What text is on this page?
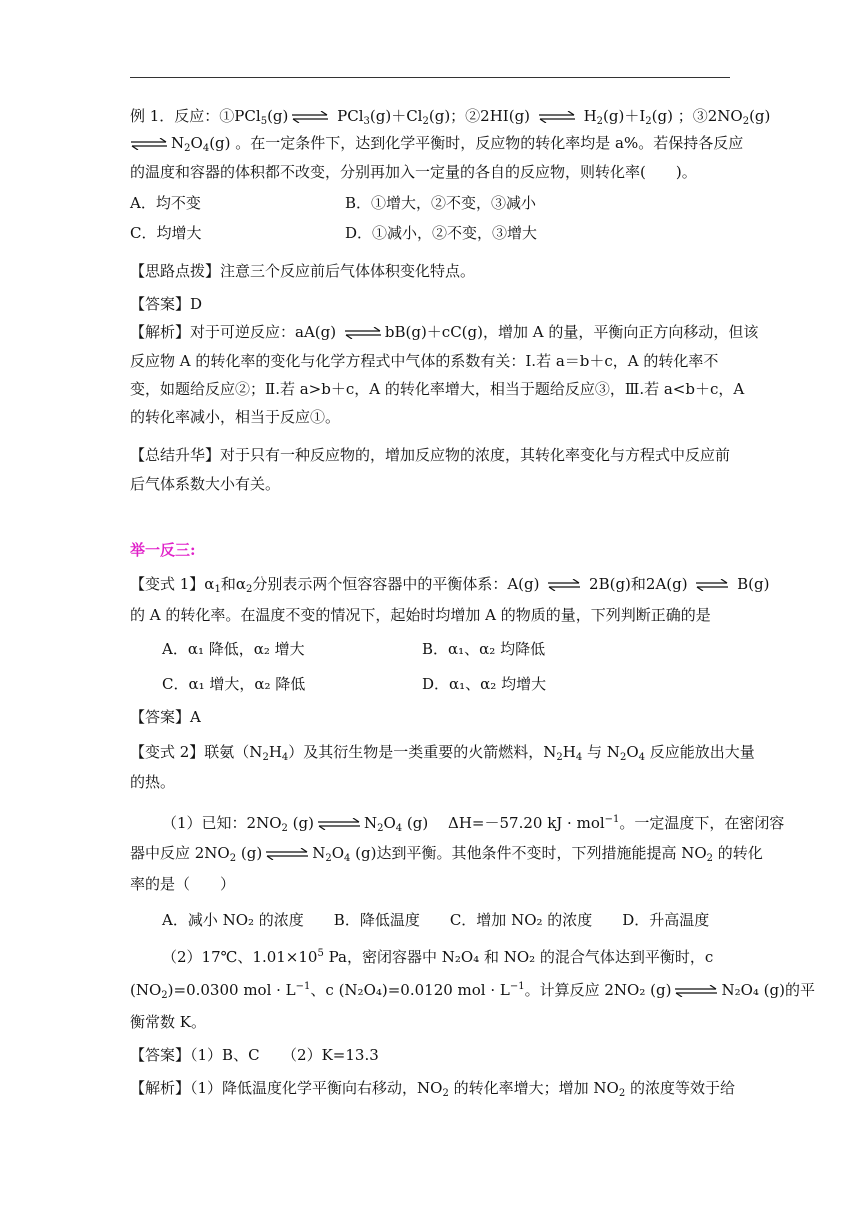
例 1．反应：①PCl$_5$(g) ⇌ $PCl_3(g)+Cl_2(g)$；②2HI(g) ⇌ $H_2(g)+I_2(g)$ ；$③2NO_2(g)$
⇌ $N_2O_4(g)$ 。在一定条件下，达到化学平衡时，反应物的转化率均是 a%。若保持各反应
的温度和容器的体积都不改变，分别再加入一定量的各自的反应物，则转化率(　　)。
A．均不变	B．①增大，②不变，③减小
C．均增大	D．①减小，②不变，③增大
【思路点拨】注意三个反应前后气体体积变化特点。
【答案】D
【解析】对于可逆反应：aA(g) ⇌ bB(g)＋cC(g)，增加 A 的量，平衡向正方向移动，但该
反应物 A 的转化率的变化与化学方程式中气体的系数有关：Ⅰ.若 a＝b＋c，A 的转化率不
变，如题给反应②；Ⅱ.若 a>b＋c，A 的转化率增大，相当于题给反应③，Ⅲ.若 a<b＋c，A
的转化率减小，相当于反应①。
【总结升华】对于只有一种反应物的，增加反应物的浓度，其转化率变化与方程式中反应前
后气体系数大小有关。
举一反三:
【变式 1】$\alpha_1$和$\alpha_2$分别表示两个恒容容器中的平衡体系：A(g) ⇌ 2B(g)和2A(g) ⇌ B(g)
的 A 的转化率。在温度不变的情况下，起始时均增加 A 的物质的量，下列判断正确的是
A．α₁ 降低，α₂ 增大	B．α₁、α₂ 均降低
C．α₁ 增大，α₂ 降低	D．α₁、α₂ 均增大
【答案】A
【变式 2】联氨$(N_2H_4)$及其衍生物是一类重要的火箭燃料，$N_2H_4$ 与 $N_2O_4$ 反应能放出大量
的热。
（1）已知：$2NO_2$ (g) ⇌ $N_2O_4$ (g)　 ΔH=－57.20 kJ · mol$^{-1}$。一定温度下，在密闭容
器中反应 $2NO_2$ (g) ⇌ $N_2O_4$ (g)达到平衡。其他条件不变时，下列措施能提高 $NO_2$ 的转化
率的是（　　）
A．减小 NO₂ 的浓度　　B．降低温度　　C．增加 NO₂ 的浓度　　D．升高温度
（2）17℃、$1.01\times 10^5$ Pa，密闭容器中 N₂O₄ 和 NO₂ 的混合气体达到平衡时，c
$(NO_2)=0.0300$ mol · $L^{-1}$、c (N₂O₄)=0.0120 mol · $L^{-1}$。计算反应 2NO₂ (g) ⇌ N₂O₄ (g)的平
衡常数 K。
【答案】（1）B、C　　（2）K=13.3
【解析】（1）降低温度化学平衡向右移动，$NO_2$ 的转化率增大；增加 $NO_2$ 的浓度等效于给
